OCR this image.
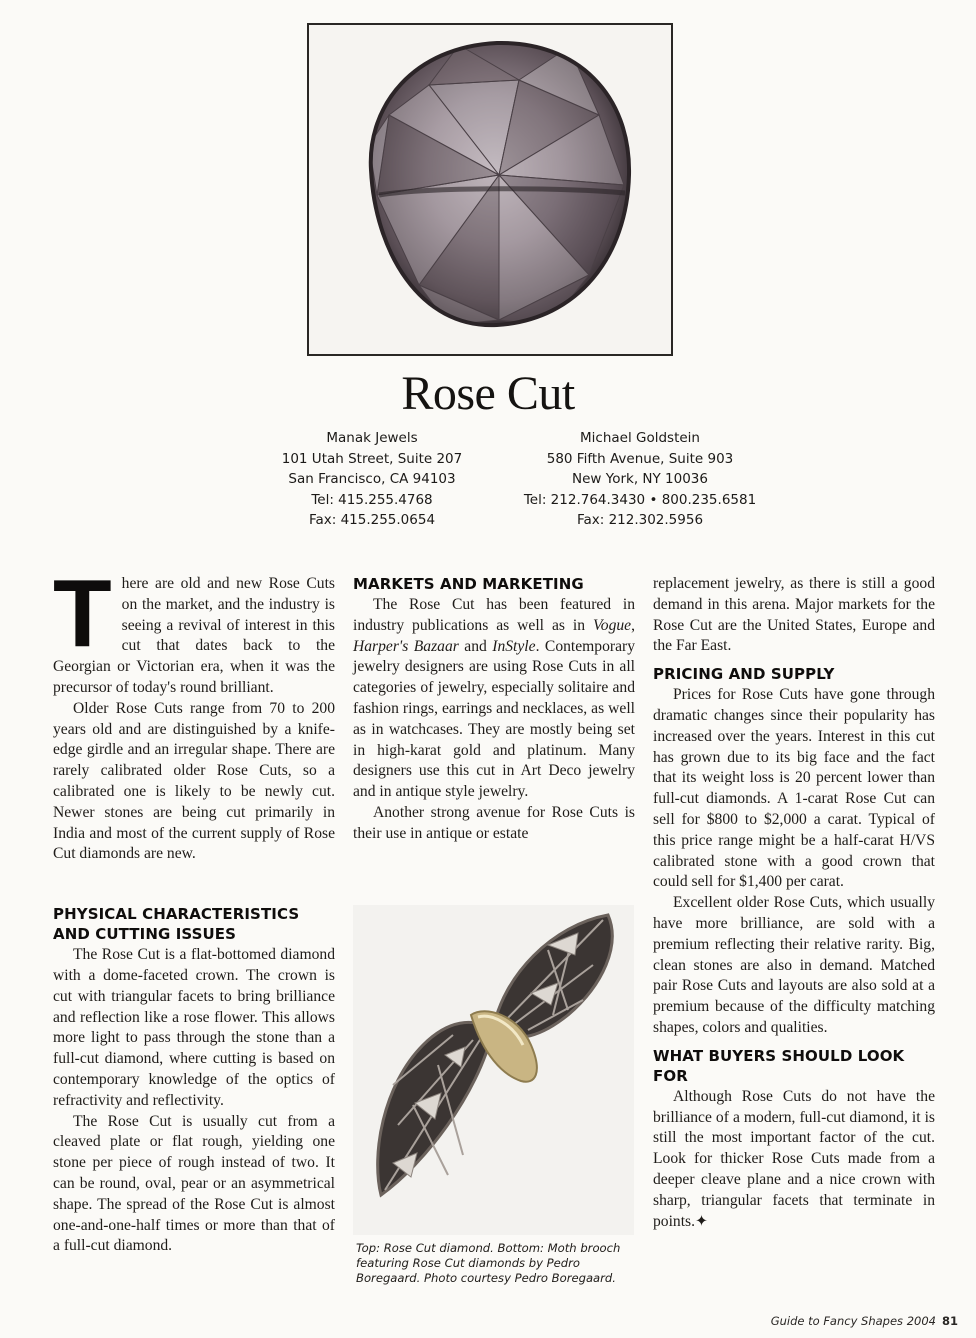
Rose Cut
Manak Jewels
101 Utah Street, Suite 207
San Francisco, CA 94103
Tel: 415.255.4768
Fax: 415.255.0654
Michael Goldstein
580 Fifth Avenue, Suite 903
New York, NY 10036
Tel: 212.764.3430 • 800.235.6581
Fax: 212.302.5956

There are old and new Rose Cuts on the market, and the industry is seeing a revival of interest in this cut that dates back to the Georgian or Victorian era, when it was the precursor of today's round brilliant.

Older Rose Cuts range from 70 to 200 years old and are distinguished by a knife-edge girdle and an irregular shape. There are rarely calibrated older Rose Cuts, so a calibrated one is likely to be newly cut. Newer stones are being cut primarily in India and most of the current supply of Rose Cut diamonds are new.

PHYSICAL CHARACTERISTICS AND CUTTING ISSUES

The Rose Cut is a flat-bottomed diamond with a dome-faceted crown. The crown is cut with triangular facets to bring brilliance and reflection like a rose flower. This allows more light to pass through the stone than a full-cut diamond, where cutting is based on contemporary knowledge of the optics of refractivity and reflectivity.

The Rose Cut is usually cut from a cleaved plate or flat rough, yielding one stone per piece of rough instead of two. It can be round, oval, pear or an asymmetrical shape. The spread of the Rose Cut is almost one-and-one-half times or more than that of a full-cut diamond.

MARKETS AND MARKETING

The Rose Cut has been featured in industry publications as well as in Vogue, Harper's Bazaar and InStyle. Contemporary jewelry designers are using Rose Cuts in all categories of jewelry, especially solitaire and fashion rings, earrings and necklaces, as well as in watchcases. They are mostly being set in high-karat gold and platinum. Many designers use this cut in Art Deco jewelry and in antique style jewelry.

Another strong avenue for Rose Cuts is their use in antique or estate

Top: Rose Cut diamond. Bottom: Moth brooch featuring Rose Cut diamonds by Pedro Boregaard. Photo courtesy Pedro Boregaard.

replacement jewelry, as there is still a good demand in this arena. Major markets for the Rose Cut are the United States, Europe and the Far East.

PRICING AND SUPPLY

Prices for Rose Cuts have gone through dramatic changes since their popularity has increased over the years. Interest in this cut has grown due to its big face and the fact that its weight loss is 20 percent lower than full-cut diamonds. A 1-carat Rose Cut can sell for $800 to $2,000 a carat. Typical of this price range might be a half-carat H/VS calibrated stone with a good crown that could sell for $1,400 per carat.

Excellent older Rose Cuts, which usually have more brilliance, are sold with a premium reflecting their relative rarity. Big, clean stones are also in demand. Matched pair Rose Cuts and layouts are also sold at a premium because of the difficulty matching shapes, colors and qualities.

WHAT BUYERS SHOULD LOOK FOR

Although Rose Cuts do not have the brilliance of a modern, full-cut diamond, it is still the most important factor of the cut. Look for thicker Rose Cuts made from a deeper cleave plane and a nice crown with sharp, triangular facets that terminate in points.✦

Guide to Fancy Shapes 2004 81
